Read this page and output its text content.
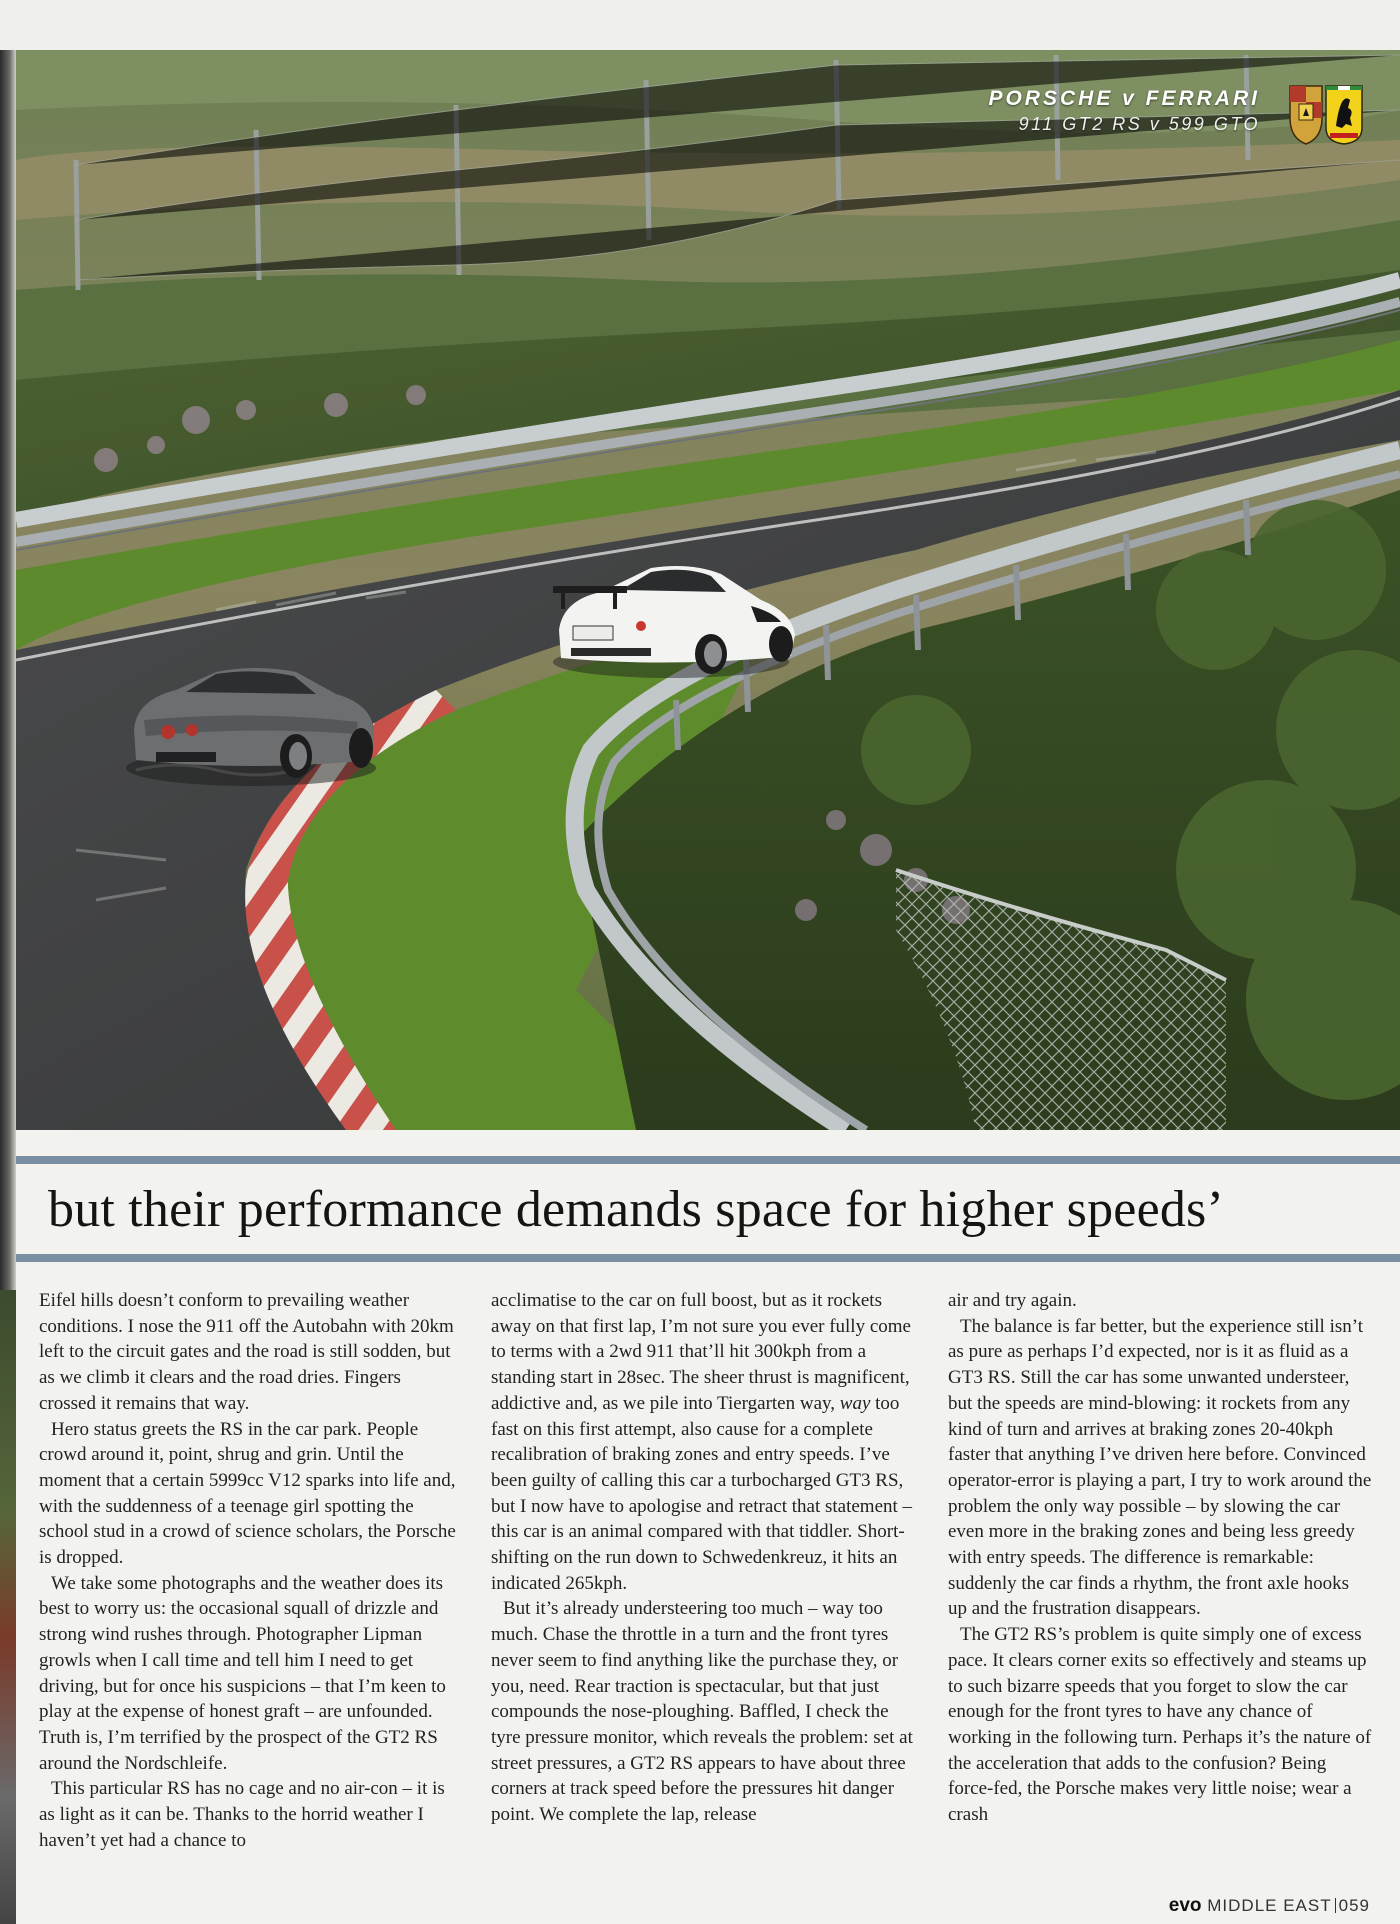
PORSCHE v FERRARI
911 GT2 RS v 599 GTO
but their performance demands space for higher speeds’

Eifel hills doesn’t conform to prevailing weather conditions. I nose the 911 off the Autobahn with 20km left to the circuit gates and the road is still sodden, but as we climb it clears and the road dries. Fingers crossed it remains that way.

Hero status greets the RS in the car park. People crowd around it, point, shrug and grin. Until the moment that a certain 5999cc V12 sparks into life and, with the suddenness of a teenage girl spotting the school stud in a crowd of science scholars, the Porsche is dropped.

We take some photographs and the weather does its best to worry us: the occasional squall of drizzle and strong wind rushes through. Photographer Lipman growls when I call time and tell him I need to get driving, but for once his suspicions – that I’m keen to play at the expense of honest graft – are unfounded. Truth is, I’m terrified by the prospect of the GT2 RS around the Nordschleife.

This particular RS has no cage and no air-con – it is as light as it can be. Thanks to the horrid weather I haven’t yet had a chance to

acclimatise to the car on full boost, but as it rockets away on that first lap, I’m not sure you ever fully come to terms with a 2wd 911 that’ll hit 300kph from a standing start in 28sec. The sheer thrust is magnificent, addictive and, as we pile into Tiergarten way, way too fast on this first attempt, also cause for a complete recalibration of braking zones and entry speeds. I’ve been guilty of calling this car a turbocharged GT3 RS, but I now have to apologise and retract that statement – this car is an animal compared with that tiddler. Short-shifting on the run down to Schwedenkreuz, it hits an indicated 265kph.

But it’s already understeering too much – way too much. Chase the throttle in a turn and the front tyres never seem to find anything like the purchase they, or you, need. Rear traction is spectacular, but that just compounds the nose-ploughing. Baffled, I check the tyre pressure monitor, which reveals the problem: set at street pressures, a GT2 RS appears to have about three corners at track speed before the pressures hit danger point. We complete the lap, release

air and try again.

The balance is far better, but the experience still isn’t as pure as perhaps I’d expected, nor is it as fluid as a GT3 RS. Still the car has some unwanted understeer, but the speeds are mind-blowing: it rockets from any kind of turn and arrives at braking zones 20-40kph faster that anything I’ve driven here before. Convinced operator-error is playing a part, I try to work around the problem the only way possible – by slowing the car even more in the braking zones and being less greedy with entry speeds. The difference is remarkable: suddenly the car finds a rhythm, the front axle hooks up and the frustration disappears.

The GT2 RS’s problem is quite simply one of excess pace. It clears corner exits so effectively and steams up to such bizarre speeds that you forget to slow the car enough for the front tyres to have any chance of working in the following turn. Perhaps it’s the nature of the acceleration that adds to the confusion? Being force-fed, the Porsche makes very little noise; wear a crash

evo MIDDLE EAST 059
